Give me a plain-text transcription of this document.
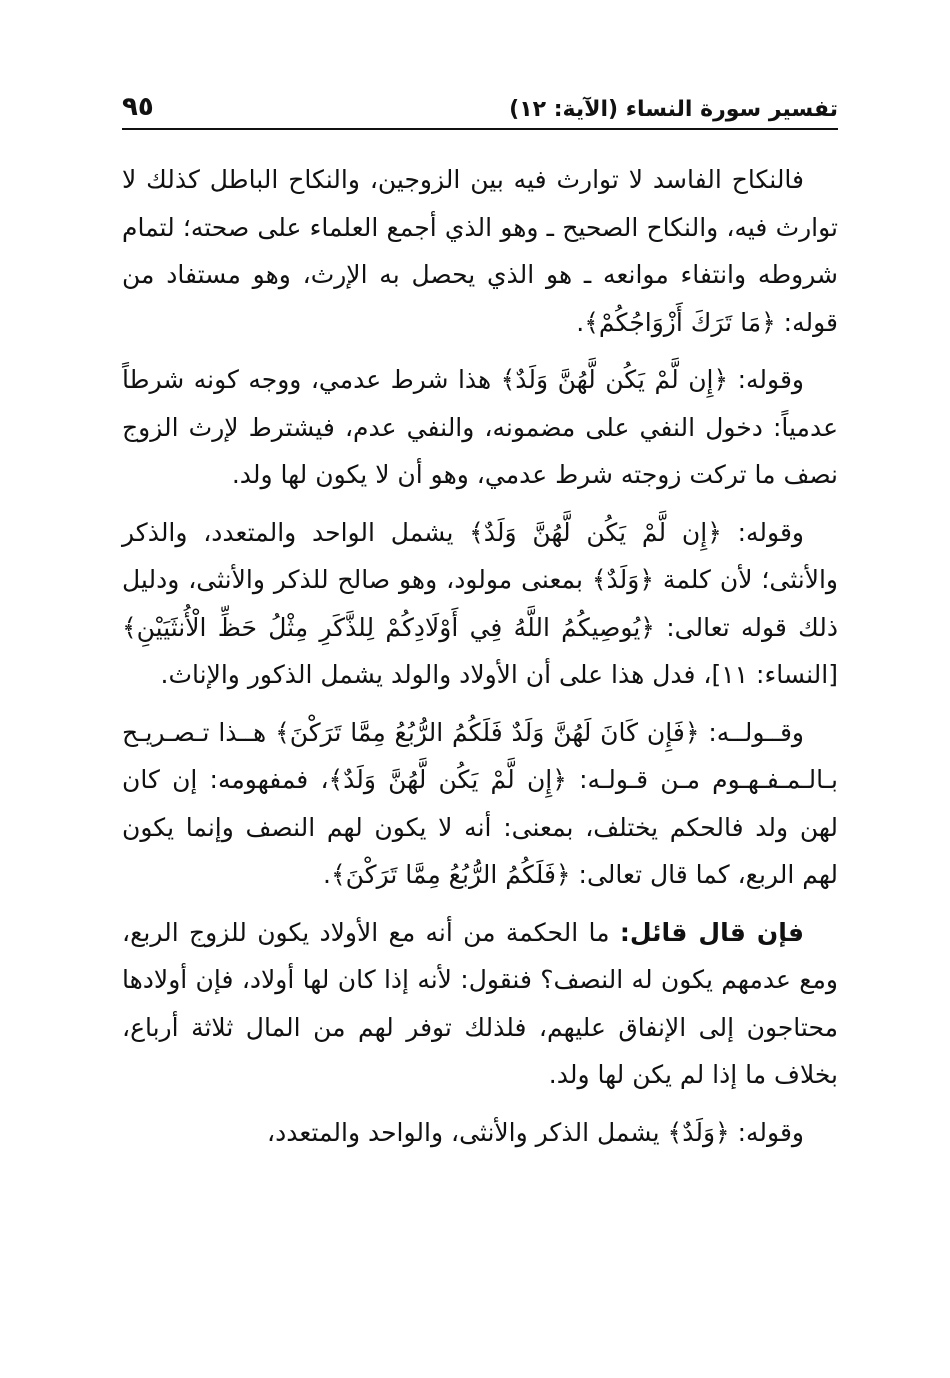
تفسير سورة النساء (الآية: ١٢)
٩٥

فالنكاح الفاسد لا توارث فيه بين الزوجين، والنكاح الباطل كذلك لا توارث فيه، والنكاح الصحيح ـ وهو الذي أجمع العلماء على صحته؛ لتمام شروطه وانتفاء موانعه ـ هو الذي يحصل به الإرث، وهو مستفاد من قوله: ﴿مَا تَرَكَ أَزْوَاجُكُمْ﴾.

وقوله: ﴿إِن لَّمْ يَكُن لَّهُنَّ وَلَدٌ﴾ هذا شرط عدمي، ووجه كونه شرطاً عدمياً: دخول النفي على مضمونه، والنفي عدم، فيشترط لإرث الزوج نصف ما تركت زوجته شرط عدمي، وهو أن لا يكون لها ولد.

وقوله: ﴿إِن لَّمْ يَكُن لَّهُنَّ وَلَدٌ﴾ يشمل الواحد والمتعدد، والذكر والأنثى؛ لأن كلمة ﴿وَلَدٌ﴾ بمعنى مولود، وهو صالح للذكر والأنثى، ودليل ذلك قوله تعالى: ﴿يُوصِيكُمُ اللَّهُ فِي أَوْلَادِكُمْ لِلذَّكَرِ مِثْلُ حَظِّ الْأُنثَيَيْنِ﴾ [النساء: ١١]، فدل هذا على أن الأولاد والولد يشمل الذكور والإناث.

وقــولــه: ﴿فَإِن كَانَ لَهُنَّ وَلَدٌ فَلَكُمُ الرُّبُعُ مِمَّا تَرَكْنَ﴾ هــذا تـصـريـح بـالـمـفـهـوم مـن قـولـه: ﴿إِن لَّمْ يَكُن لَّهُنَّ وَلَدٌ﴾، فمفهومه: إن كان لهن ولد فالحكم يختلف، بمعنى: أنه لا يكون لهم النصف وإنما يكون لهم الربع، كما قال تعالى: ﴿فَلَكُمُ الرُّبُعُ مِمَّا تَرَكْنَ﴾.

فإن قال قائل: ما الحكمة من أنه مع الأولاد يكون للزوج الربع، ومع عدمهم يكون له النصف؟ فنقول: لأنه إذا كان لها أولاد، فإن أولادها محتاجون إلى الإنفاق عليهم، فلذلك توفر لهم من المال ثلاثة أرباع، بخلاف ما إذا لم يكن لها ولد.

وقوله: ﴿وَلَدٌ﴾ يشمل الذكر والأنثى، والواحد والمتعدد،
